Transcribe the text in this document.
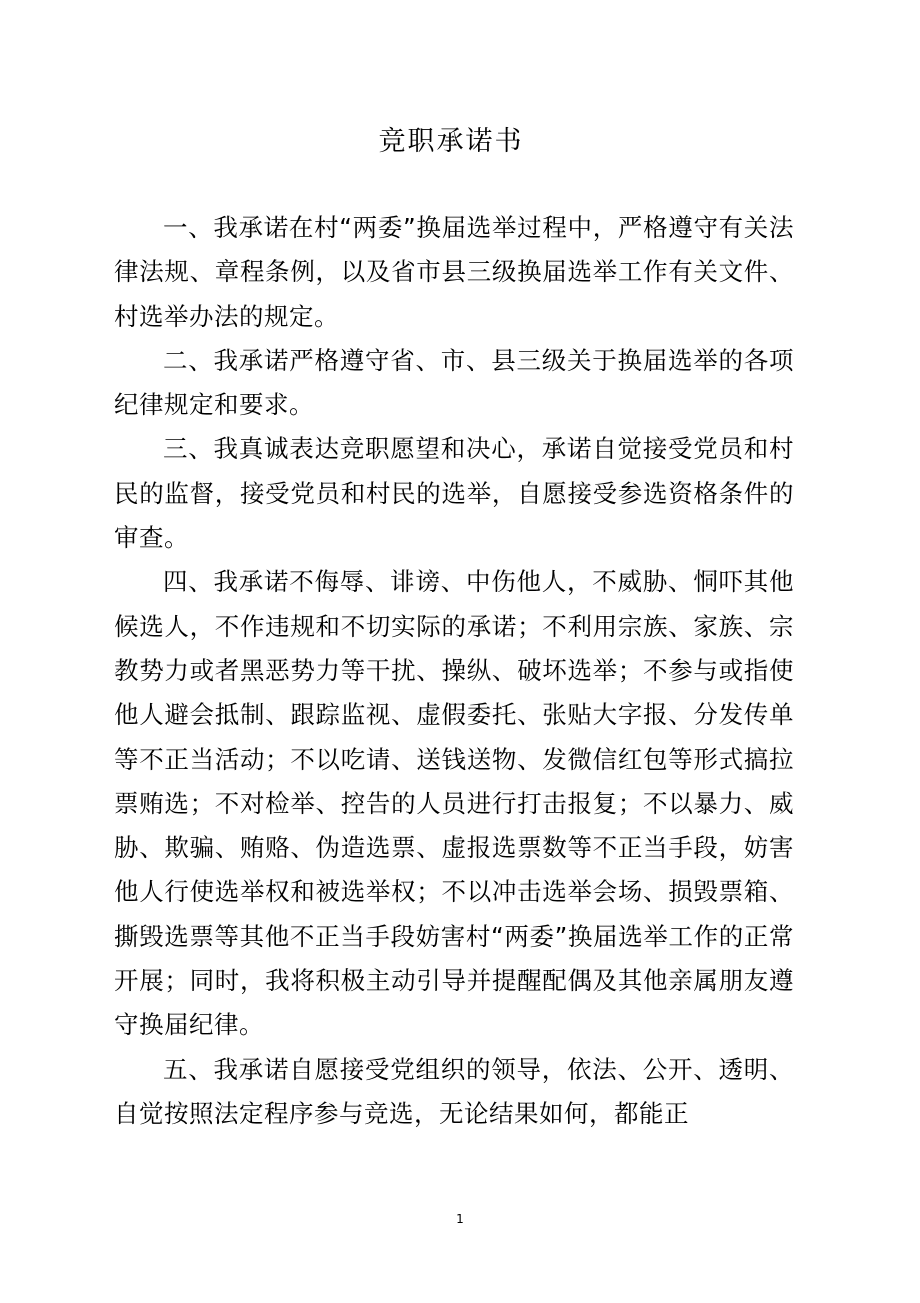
竞职承诺书

一、我承诺在村“两委”换届选举过程中，严格遵守有关法律法规、章程条例，以及省市县三级换届选举工作有关文件、村选举办法的规定。

二、我承诺严格遵守省、市、县三级关于换届选举的各项纪律规定和要求。

三、我真诚表达竞职愿望和决心，承诺自觉接受党员和村民的监督，接受党员和村民的选举，自愿接受参选资格条件的审查。

四、我承诺不侮辱、诽谤、中伤他人，不威胁、恫吓其他候选人，不作违规和不切实际的承诺；不利用宗族、家族、宗教势力或者黑恶势力等干扰、操纵、破坏选举；不参与或指使他人避会抵制、跟踪监视、虚假委托、张贴大字报、分发传单等不正当活动；不以吃请、送钱送物、发微信红包等形式搞拉票贿选；不对检举、控告的人员进行打击报复；不以暴力、威胁、欺骗、贿赂、伪造选票、虚报选票数等不正当手段，妨害他人行使选举权和被选举权；不以冲击选举会场、损毁票箱、撕毁选票等其他不正当手段妨害村“两委”换届选举工作的正常开展；同时，我将积极主动引导并提醒配偶及其他亲属朋友遵守换届纪律。

五、我承诺自愿接受党组织的领导，依法、公开、透明、自觉按照法定程序参与竞选，无论结果如何，都能正

1
